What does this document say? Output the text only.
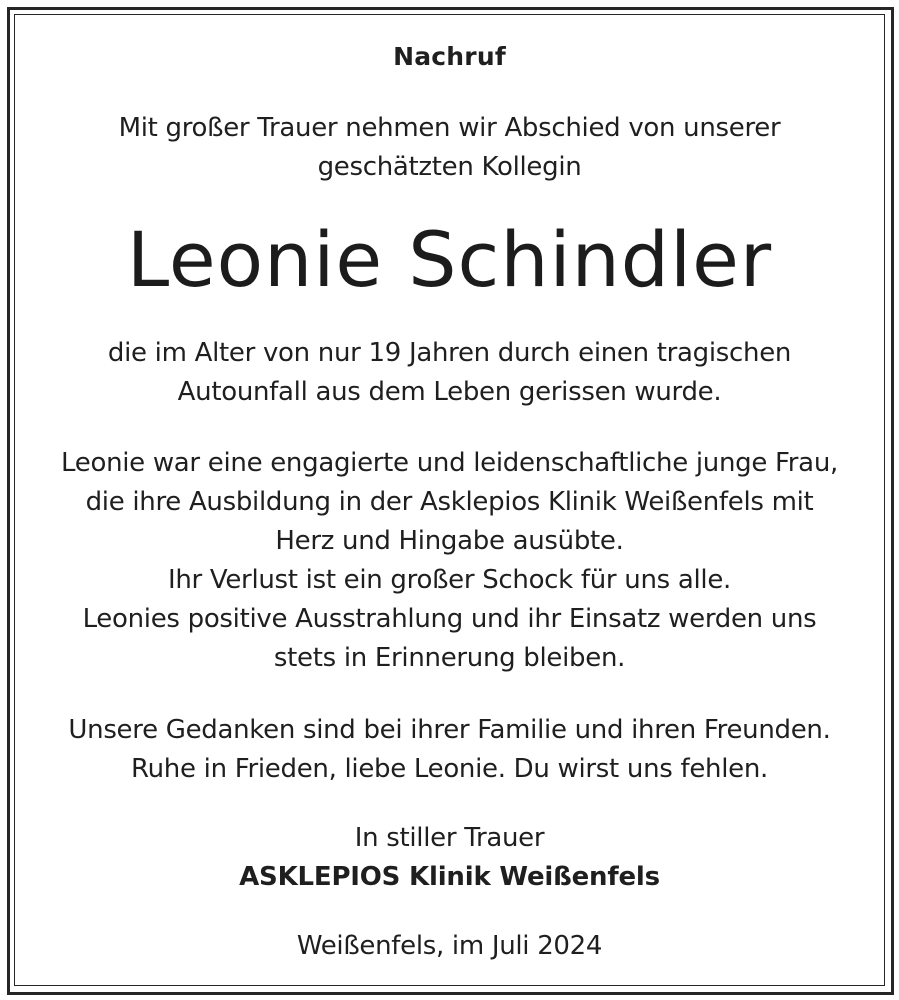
Nachruf
Mit großer Trauer nehmen wir Abschied von unserer
geschätzten Kollegin
Leonie Schindler
die im Alter von nur 19 Jahren durch einen tragischen
Autounfall aus dem Leben gerissen wurde.
Leonie war eine engagierte und leidenschaftliche junge Frau,
die ihre Ausbildung in der Asklepios Klinik Weißenfels mit
Herz und Hingabe ausübte.
Ihr Verlust ist ein großer Schock für uns alle.
Leonies positive Ausstrahlung und ihr Einsatz werden uns
stets in Erinnerung bleiben.
Unsere Gedanken sind bei ihrer Familie und ihren Freunden.
Ruhe in Frieden, liebe Leonie. Du wirst uns fehlen.
In stiller Trauer
ASKLEPIOS Klinik Weißenfels
Weißenfels, im Juli 2024
